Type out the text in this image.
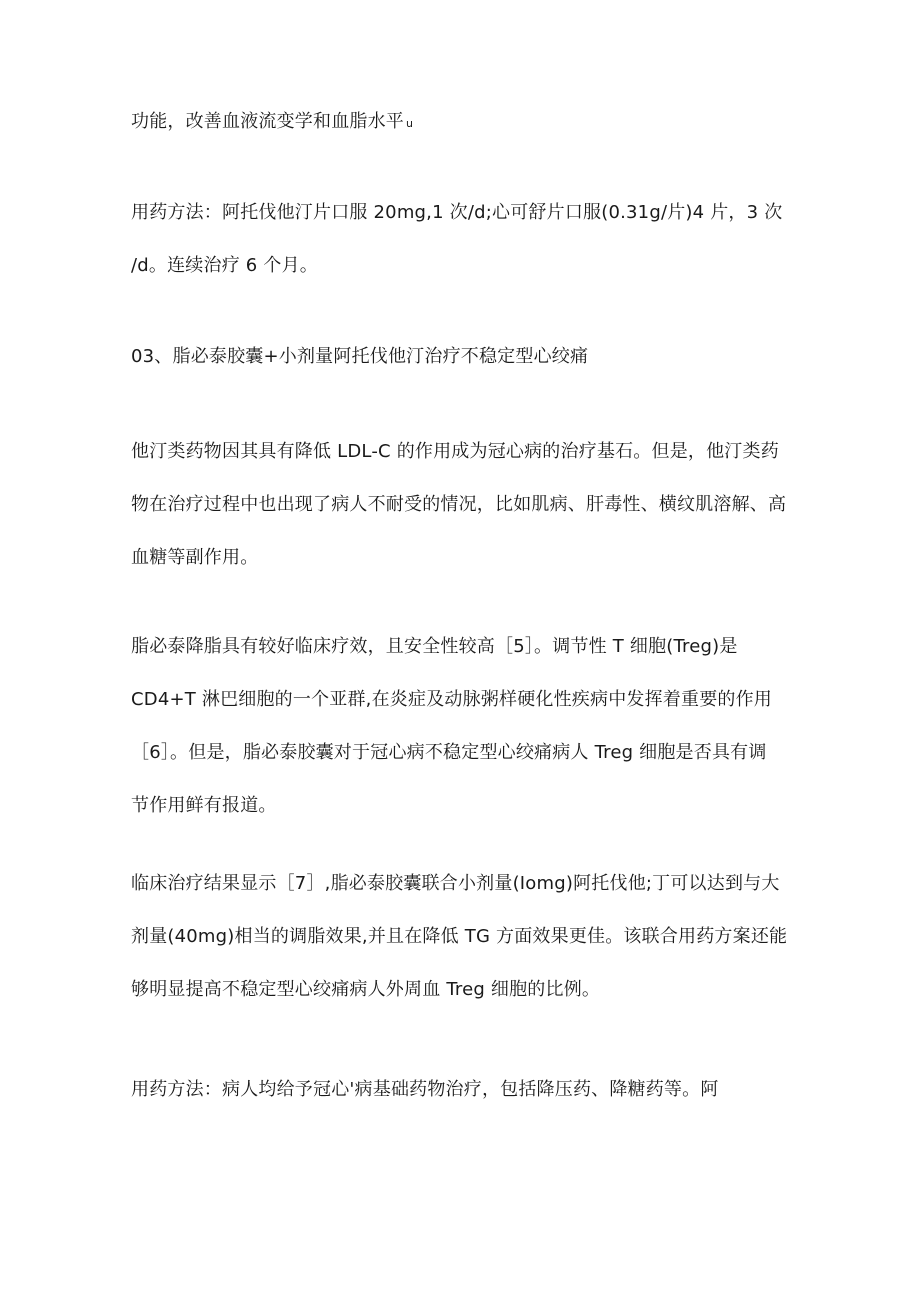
功能，改善血液流变学和血脂水平 u

用药方法：阿托伐他汀片口服 20mg,1 次/d;心可舒片口服(0.31g/片)4 片，3 次
/d。连续治疗 6 个月。

03、脂必泰胶囊+小剂量阿托伐他汀治疗不稳定型心绞痛

他汀类药物因其具有降低 LDL-C 的作用成为冠心病的治疗基石。但是，他汀类药
物在治疗过程中也出现了病人不耐受的情况，比如肌病、肝毒性、横纹肌溶解、高
血糖等副作用。

脂必泰降脂具有较好临床疗效，且安全性较高［5］。调节性 T 细胞(Treg)是
CD4+T 淋巴细胞的一个亚群,在炎症及动脉粥样硬化性疾病中发挥着重要的作用
［6］。但是，脂必泰胶囊对于冠心病不稳定型心绞痛病人 Treg 细胞是否具有调
节作用鲜有报道。

临床治疗结果显示［7］,脂必泰胶囊联合小剂量(Iomg)阿托伐他;丁可以达到与大
剂量(40mg)相当的调脂效果,并且在降低 TG 方面效果更佳。该联合用药方案还能
够明显提高不稳定型心绞痛病人外周血 Treg 细胞的比例。

用药方法：病人均给予冠心'病基础药物治疗，包括降压药、降糖药等。阿
